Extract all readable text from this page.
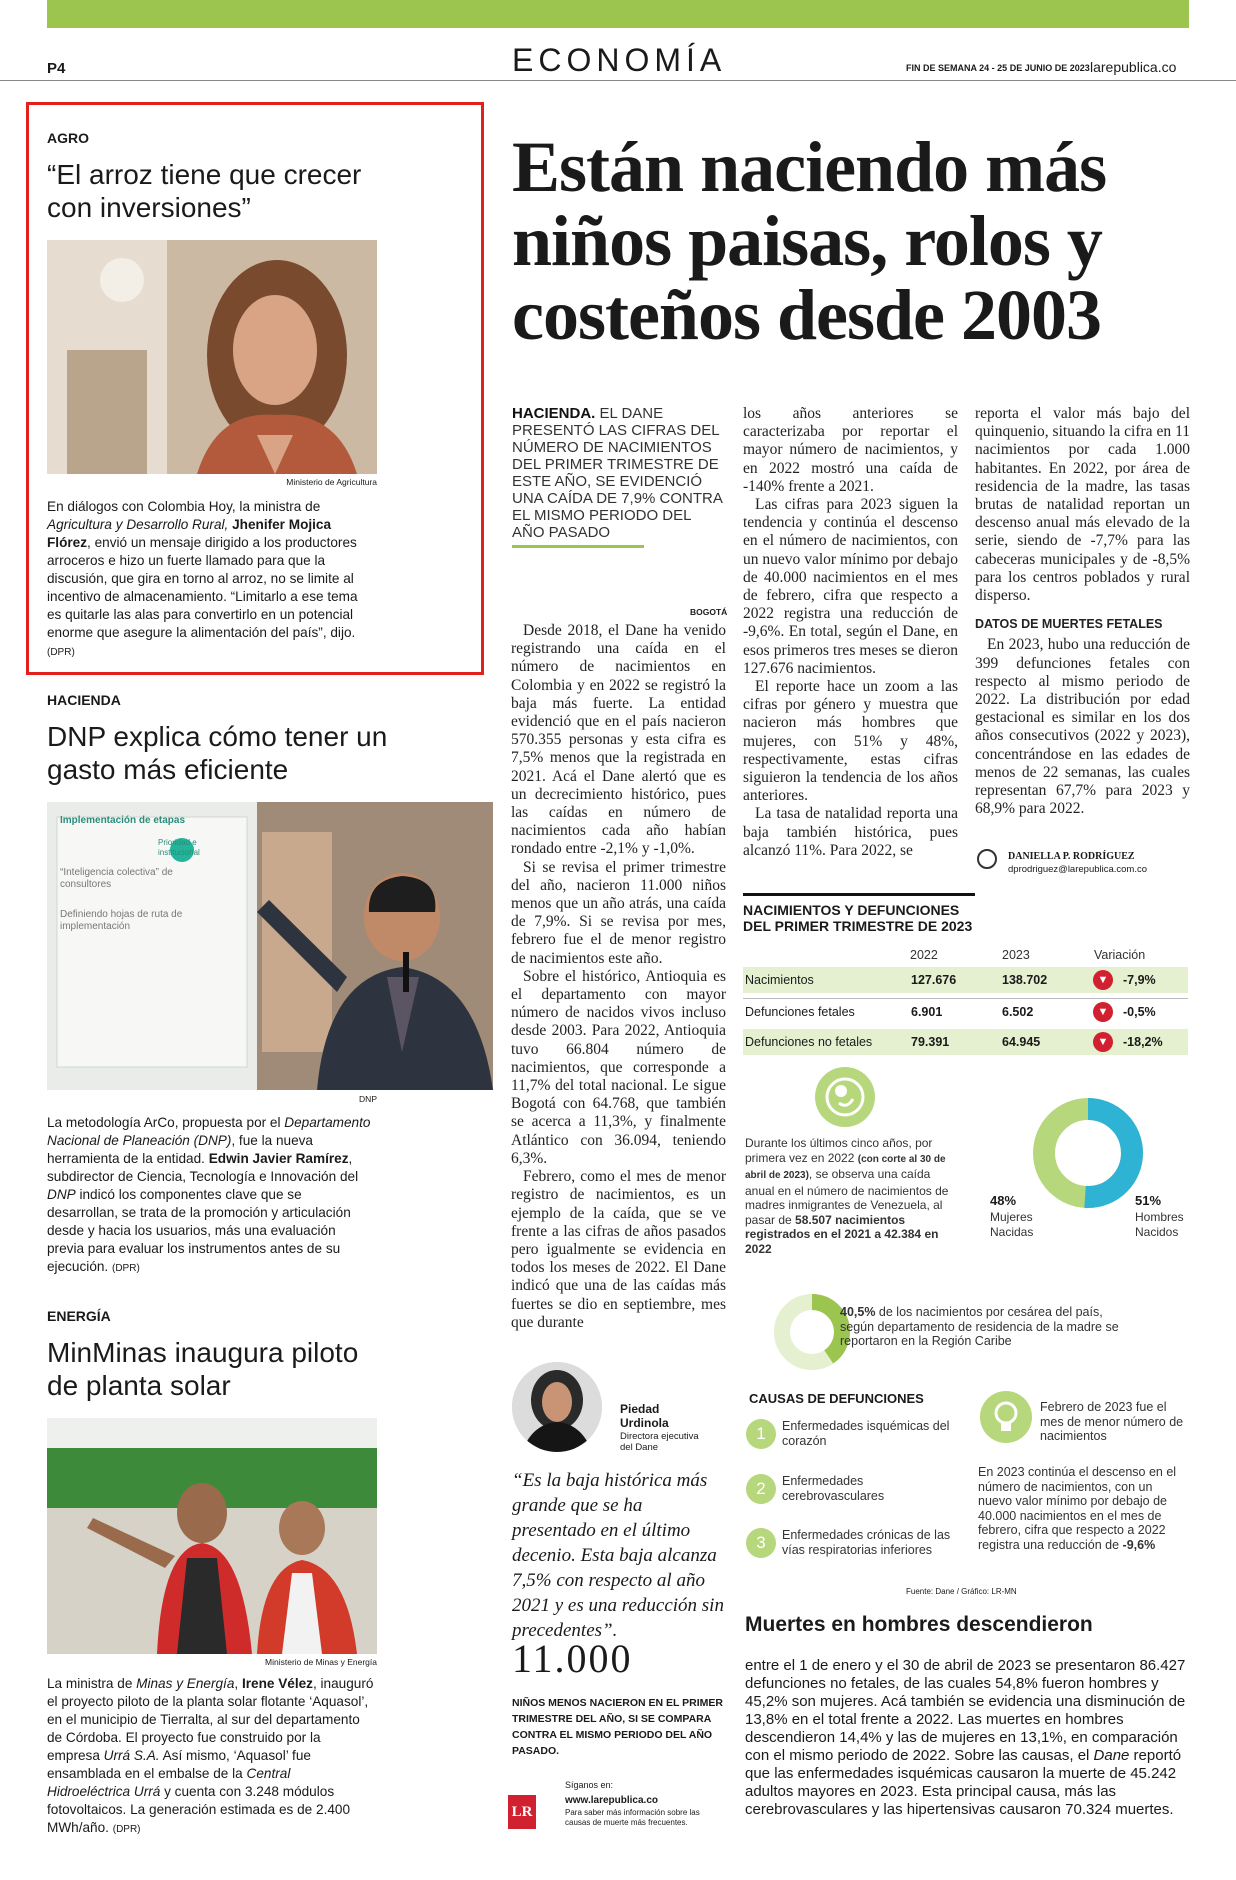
P4	ECONOMÍA	FIN DE SEMANA 24 - 25 DE JUNIO DE 2023 larepublica.co
AGRO
“El arroz tiene que crecer con inversiones”
Ministerio de Agricultura
En diálogos con Colombia Hoy, la ministra de Agricultura y Desarrollo Rural, Jhenifer Mojica Flórez, envió un mensaje dirigido a los productores arroceros e hizo un fuerte llamado para que la discusión, que gira en torno al arroz, no se limite al incentivo de almacenamiento. “Limitarlo a ese tema es quitarle las alas para convertirlo en un potencial enorme que asegure la alimentación del país”, dijo. (DPR)
HACIENDA
DNP explica cómo tener un gasto más eficiente
Implementación de etapas
“Inteligencia colectiva” de consultores
Definiendo hojas de ruta de implementación
Prioridad e institucional
DNP
La metodología ArCo, propuesta por el Departamento Nacional de Planeación (DNP), fue la nueva herramienta de la entidad. Edwin Javier Ramírez, subdirector de Ciencia, Tecnología e Innovación del DNP indicó los componentes clave que se desarrollan, se trata de la promoción y articulación desde y hacia los usuarios, más una evaluación previa para evaluar los instrumentos antes de su ejecución. (DPR)
ENERGÍA
MinMinas inaugura piloto de planta solar
Ministerio de Minas y Energía
La ministra de Minas y Energía, Irene Vélez, inauguró el proyecto piloto de la planta solar flotante ‘Aquasol’, en el municipio de Tierralta, al sur del departamento de Córdoba. El proyecto fue construido por la empresa Urrá S.A. Así mismo, ‘Aquasol’ fue ensamblada en el embalse de la Central Hidroeléctrica Urrá y cuenta con 3.248 módulos fotovoltaicos. La generación estimada es de 2.400 MWh/año. (DPR)
Están naciendo más niños paisas, rolos y costeños desde 2003
HACIENDA. EL DANE PRESENTÓ LAS CIFRAS DEL NÚMERO DE NACIMIENTOS DEL PRIMER TRIMESTRE DE ESTE AÑO, SE EVIDENCIÓ UNA CAÍDA DE 7,9% CONTRA EL MISMO PERIODO DEL AÑO PASADO
BOGOTÁ

Desde 2018, el Dane ha venido registrando una caída en el número de nacimientos en Colombia y en 2022 se registró la baja más fuerte. La entidad evidenció que en el país nacieron 570.355 personas y esta cifra es 7,5% menos que la registrada en 2021. Acá el Dane alertó que es un decrecimiento histórico, pues las caídas en número de nacimientos cada año habían rondado entre -2,1% y -1,0%.

Si se revisa el primer trimestre del año, nacieron 11.000 niños menos que un año atrás, una caída de 7,9%. Si se revisa por mes, febrero fue el de menor registro de nacimientos este año.

Sobre el histórico, Antioquia es el departamento con mayor número de nacidos vivos incluso desde 2003. Para 2022, Antioquia tuvo 66.804 número de nacimientos, que corresponde a 11,7% del total nacional. Le sigue Bogotá con 64.768, que también se acerca a 11,3%, y finalmente Atlántico con 36.094, teniendo 6,3%.

Febrero, como el mes de menor registro de nacimientos, es un ejemplo de la caída, que se ve frente a las cifras de años pasados pero igualmente se evidencia en todos los meses de 2022. El Dane indicó que una de las caídas más fuertes se dio en septiembre, mes que durante

los años anteriores se caracterizaba por reportar el mayor número de nacimientos, y en 2022 mostró una caída de -140% frente a 2021.

Las cifras para 2023 siguen la tendencia y continúa el descenso en el número de nacimientos, con un nuevo valor mínimo por debajo de 40.000 nacimientos en el mes de febrero, cifra que respecto a 2022 registra una reducción de -9,6%. En total, según el Dane, en esos primeros tres meses se dieron 127.676 nacimientos.

El reporte hace un zoom a las cifras por género y muestra que nacieron más hombres que mujeres, con 51% y 48%, respectivamente, estas cifras siguieron la tendencia de los años anteriores.

La tasa de natalidad reporta una baja también histórica, pues alcanzó 11%. Para 2022, se

reporta el valor más bajo del quinquenio, situando la cifra en 11 nacimientos por cada 1.000 habitantes. En 2022, por área de residencia de la madre, las tasas brutas de natalidad reportan un descenso anual más elevado de la serie, siendo de -7,7% para las cabeceras municipales y de -8,5% para los centros poblados y rural disperso.

DATOS DE MUERTES FETALES

En 2023, hubo una reducción de 399 defunciones fetales con respecto al mismo periodo de 2022. La distribución por edad gestacional es similar en los dos años consecutivos (2022 y 2023), concentrándose en las edades de menos de 22 semanas, las cuales representan 67,7% para 2023 y 68,9% para 2022.

DANIELLA P. RODRÍGUEZ
dprodriguez@larepublica.com.co
NACIMIENTOS Y DEFUNCIONES DEL PRIMER TRIMESTRE DE 2023
2022	2023	Variación
Nacimientos	127.676	138.702	▼	-7,9%
Defunciones fetales	6.901	6.502	▼	-0,5%
Defunciones no fetales	79.391	64.945	▼	-18,2%
Durante los últimos cinco años, por primera vez en 2022 (con corte al 30 de abril de 2023), se observa una caída anual en el número de nacimientos de madres inmigrantes de Venezuela, al pasar de 58.507 nacimientos registrados en el 2021 a 42.384 en 2022
48%
Mujeres Nacidas
51%
Hombres Nacidos
40,5% de los nacimientos por cesárea del país, según departamento de residencia de la madre se reportaron en la Región Caribe
CAUSAS DE DEFUNCIONES
1	Enfermedades isquémicas del corazón
2	Enfermedades cerebrovasculares
3	Enfermedades crónicas de las vías respiratorias inferiores
Febrero de 2023 fue el mes de menor número de nacimientos
En 2023 continúa el descenso en el número de nacimientos, con un nuevo valor mínimo por debajo de 40.000 nacimientos en el mes de febrero, cifra que respecto a 2022 registra una reducción de -9,6%
Fuente: Dane / Gráfico: LR-MN
Muertes en hombres descendieron
entre el 1 de enero y el 30 de abril de 2023 se presentaron 86.427 defunciones no fetales, de las cuales 54,8% fueron hombres y 45,2% son mujeres. Acá también se evidencia una disminución de 13,8% en el total frente a 2022. Las muertes en hombres descendieron 14,4% y las de mujeres en 13,1%, en comparación con el mismo periodo de 2022. Sobre las causas, el Dane reportó que las enfermedades isquémicas causaron la muerte de 45.242 adultos mayores en 2023. Esta principal causa, más las cerebrovasculares y las hipertensivas causaron 70.324 muertes.
Piedad Urdinola
Directora ejecutiva del Dane
“Es la baja histórica más grande que se ha presentado en el último decenio. Esta baja alcanza 7,5% con respecto al año 2021 y es una reducción sin precedentes”.
11.000
NIÑOS MENOS NACIERON EN EL PRIMER TRIMESTRE DEL AÑO, SI SE COMPARA CONTRA EL MISMO PERIODO DEL AÑO PASADO.
LR
Síganos en:
www.larepublica.co
Para saber más información sobre las causas de muerte más frecuentes.
